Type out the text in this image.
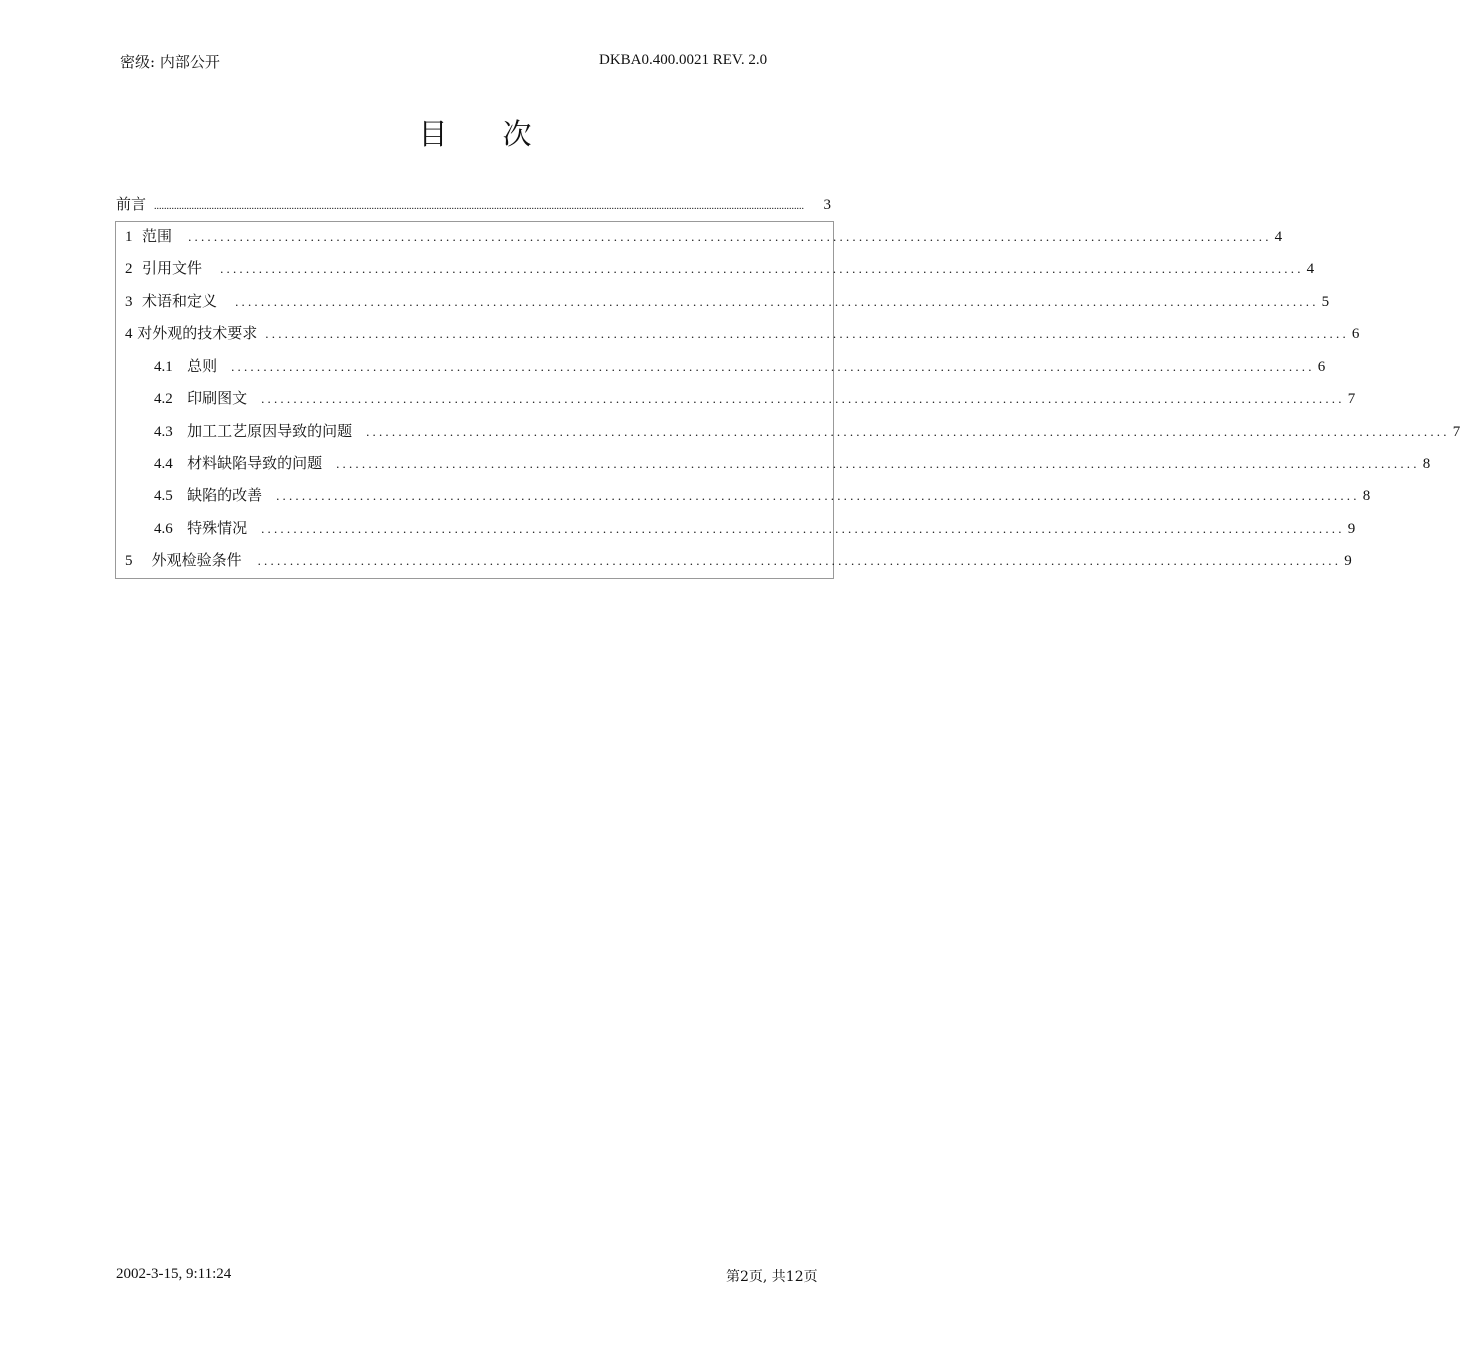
密级: 内部公开	DKBA0.400.0021 REV. 2.0
目 次
前言 ....................................................................................................................................................................................................................................................................	3
1 范围 ........................................................................................................................................................................ 4
2 引用文件 ........................................................................................................................................................................ 4
3 术语和定义 ........................................................................................................................................................................ 5
4 对外观的技术要求 ........................................................................................................................................................................ 6
4.1 总则 ........................................................................................................................................................................ 6
4.2 印刷图文 ........................................................................................................................................................................ 7
4.3 加工工艺原因导致的问题 ........................................................................................................................................................................ 7
4.4 材料缺陷导致的问题 ........................................................................................................................................................................ 8
4.5 缺陷的改善 ........................................................................................................................................................................ 8
4.6 特殊情况 ........................................................................................................................................................................ 9
5 外观检验条件 ........................................................................................................................................................................ 9
2002-3-15, 9:11:24	第2页, 共12页
